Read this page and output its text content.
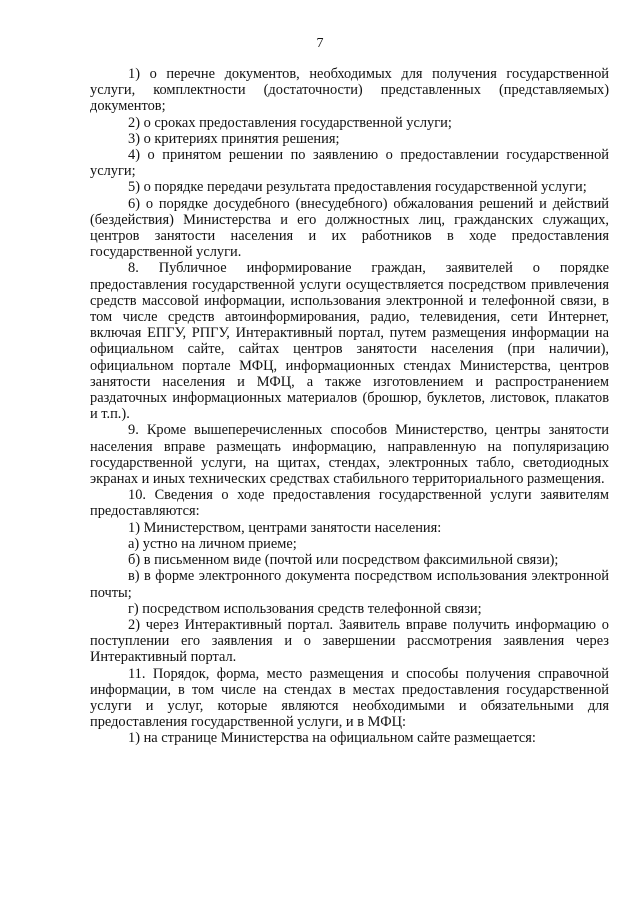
7

1) о перечне документов, необходимых для получения государственной услуги, комплектности (достаточности) представленных (представляемых) документов;

2) о сроках предоставления государственной услуги;

3) о критериях принятия решения;

4) о принятом решении по заявлению о предоставлении государственной услуги;

5) о порядке передачи результата предоставления государственной услуги;

6) о порядке досудебного (внесудебного) обжалования решений и действий (бездействия) Министерства и его должностных лиц, гражданских служащих, центров занятости населения и их работников в ходе предоставления государственной услуги.

8. Публичное информирование граждан, заявителей о порядке предоставления государственной услуги осуществляется посредством привлечения средств массовой информации, использования электронной и телефонной связи, в том числе средств автоинформирования, радио, телевидения, сети Интернет, включая ЕПГУ, РПГУ, Интерактивный портал, путем размещения информации на официальном сайте, сайтах центров занятости населения (при наличии), официальном портале МФЦ, информационных стендах Министерства, центров занятости населения и МФЦ, а также изготовлением и распространением раздаточных информационных материалов (брошюр, буклетов, листовок, плакатов и т.п.).

9. Кроме вышеперечисленных способов Министерство, центры занятости населения вправе размещать информацию, направленную на популяризацию государственной услуги, на щитах, стендах, электронных табло, светодиодных экранах и иных технических средствах стабильного территориального размещения.

10. Сведения о ходе предоставления государственной услуги заявителям предоставляются:

1) Министерством, центрами занятости населения:

а) устно на личном приеме;

б) в письменном виде (почтой или посредством факсимильной связи);

в) в форме электронного документа посредством использования электронной почты;

г) посредством использования средств телефонной связи;

2) через Интерактивный портал. Заявитель вправе получить информацию о поступлении его заявления и о завершении рассмотрения заявления через Интерактивный портал.

11. Порядок, форма, место размещения и способы получения справочной информации, в том числе на стендах в местах предоставления государственной услуги и услуг, которые являются необходимыми и обязательными для предоставления государственной услуги, и в МФЦ:

1) на странице Министерства на официальном сайте размещается:
